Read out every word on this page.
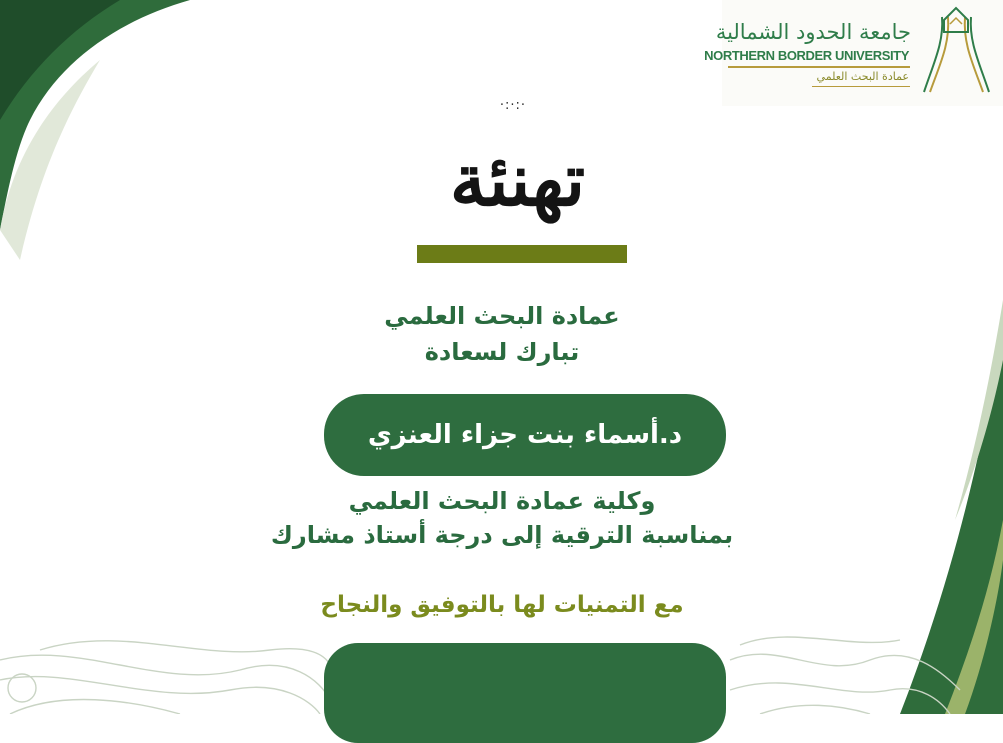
جامعة الحدود الشمالية
NORTHERN BORDER UNIVERSITY
عمادة البحث العلمي
·:·:·
تهنئة
عمادة البحث العلمي
تبارك لسعادة
د.أسماء بنت جزاء العنزي
وكلية عمادة البحث العلمي
بمناسبة الترقية إلى درجة أستاذ مشارك
مع التمنيات لها بالتوفيق والنجاح
